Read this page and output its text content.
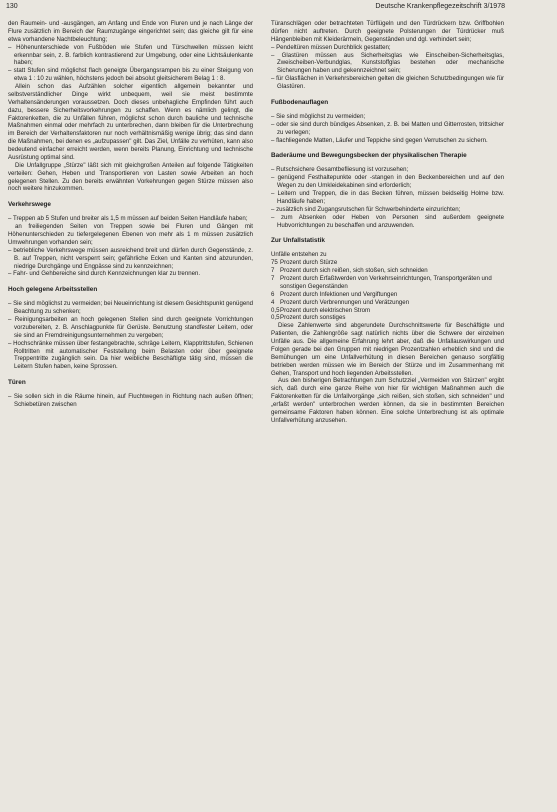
130	Deutsche Krankenpflegezeitschrift 3/1978

den Raumein- und -ausgängen, am Anfang und Ende von Fluren und je nach Länge der Flure zusätzlich im Bereich der Raumzugänge eingerichtet sein; das gleiche gilt für eine etwa vorhandene Nachtbeleuchtung;

– Höhenunterschiede von Fußböden wie Stufen und Türschwellen müssen leicht erkennbar sein, z. B. farblich kontrastierend zur Umgebung, oder eine Lichtsäulenkante haben;

– statt Stufen sind möglichst flach geneigte Übergangsrampen bis zu einer Steigung von etwa 1 : 10 zu wählen, höchstens jedoch bei absolut gleitsicherem Belag 1 : 8.

Allein schon das Aufzählen solcher eigentlich allgemein bekannter und selbstverständlicher Dinge wirkt unbequem, weil sie meist bestimmte Verhaltensänderungen voraussetzen. Doch dieses unbehagliche Empfinden führt auch dazu, bessere Sicherheitsvorkehrungen zu schaffen. Wenn es nämlich gelingt, die Faktorenketten, die zu Unfällen führen, möglichst schon durch bauliche und technische Maßnahmen einmal oder mehrfach zu unterbrechen, dann bleiben für die Unterbrechung im Bereich der Verhaltensfaktoren nur noch verhältnismäßig wenige übrig; das sind dann die Maßnahmen, bei denen es „aufzupassen" gilt. Das Ziel, Unfälle zu verhüten, kann also bedeutend einfacher erreicht werden, wenn bereits Planung, Einrichtung und technische Ausrüstung optimal sind.

Die Unfallgruppe „Stürze" läßt sich mit gleichgroßen Anteilen auf folgende Tätigkeiten verteilen: Gehen, Heben und Transportieren von Lasten sowie Arbeiten an hoch gelegenen Stellen. Zu den bereits erwähnten Vorkehrungen gegen Stürze müssen also noch weitere hinzukommen.

Verkehrswege

– Treppen ab 5 Stufen und breiter als 1,5 m müssen auf beiden Seiten Handläufe haben;

an freiliegenden Seiten von Treppen sowie bei Fluren und Gängen mit Höhenunterschieden zu tiefergelegenen Ebenen von mehr als 1 m müssen zusätzlich Umwehrungen vorhanden sein;

– betriebliche Verkehrswege müssen ausreichend breit und dürfen durch Gegenstände, z. B. auf Treppen, nicht versperrt sein; gefährliche Ecken und Kanten sind abzurunden, niedrige Durchgänge und Engpässe sind zu kennzeichnen;

– Fahr- und Gehbereiche sind durch Kennzeichnungen klar zu trennen.

Hoch gelegene Arbeitsstellen

– Sie sind möglichst zu vermeiden; bei Neueinrichtung ist diesem Gesichtspunkt genügend Beachtung zu schenken;

– Reinigungsarbeiten an hoch gelegenen Stellen sind durch geeignete Vorrichtungen vorzubereiten, z. B. Anschlagpunkte für Gerüste. Benutzung standfester Leitern, oder sie sind an Fremdreinigungsunternehmen zu vergeben;

– Hochschränke müssen über festangebrachte, schräge Leitern, Klapptrittstufen, Schienen Rolltritten mit automatischer Feststellung beim Belasten oder über geeignete Treppentritte zugänglich sein. Da hier weibliche Beschäftigte tätig sind, müssen die Leitern Stufen haben, keine Sprossen.

Türen

– Sie sollen sich in die Räume hinein, auf Fluchtwegen in Richtung nach außen öffnen; Schiebetüren zwischen

Türanschlägen oder betrachteten Türflügeln und den Türdrückern bzw. Griffbohlen dürfen nicht auftreten. Durch geeignete Polsterungen der Türdrücker muß Hängenbleiben mit Kleiderärmeln, Gegenständen und dgl. verhindert sein;

– Pendeltüren müssen Durchblick gestatten;

– Glastüren müssen aus Sicherheitsglas wie Einscheiben-Sicherheitsglas, Zweischeiben-Verbundglas, Kunststoffglas bestehen oder mechanische Sicherungen haben und gekennzeichnet sein;

– für Glasflächen in Verkehrsbereichen gelten die gleichen Schutzbedingungen wie für Glastüren.

Fußbodenauflagen

– Sie sind möglichst zu vermeiden;

– oder sie sind durch bündiges Absenken, z. B. bei Matten und Gitterrosten, trittsicher zu verlegen;

– flachliegende Matten, Läufer und Teppiche sind gegen Verrutschen zu sichern.

Baderäume und Bewegungsbecken der physikalischen Therapie

– Rutschsichere Gesamtbefliesung ist vorzusehen;

– genügend Festhaltepunkte oder -stangen in den Beckenbereichen und auf den Wegen zu den Umkleidekabinen sind erforderlich;

– Leitern und Treppen, die in das Becken führen, müssen beidseitig Holme bzw. Handläufe haben;

– zusätzlich sind Zugangsrutschen für Schwerbehinderte einzurichten;

– zum Absenken oder Heben von Personen sind außerdem geeignete Hubvorrichtungen zu beschaffen und anzuwenden.

Zur Unfallstatistik

Unfälle entstehen zu

75 Prozent durch Stürze
7 Prozent durch sich reißen, sich stoßen, sich schneiden
7 Prozent durch Erfaßtwerden von Verkehrseinrichtungen, Transportgeräten und sonstigen Gegenständen
6 Prozent durch Infektionen und Vergiftungen
4 Prozent durch Verbrennungen und Verätzungen
0,5 Prozent durch elektrischen Strom
0,5 Prozent durch sonstiges

Diese Zahlenwerte sind abgerundete Durchschnittswerte für Beschäftigte und Patienten, die Zahlengröße sagt natürlich nichts über die Schwere der einzelnen Unfälle aus. Die allgemeine Erfahrung lehrt aber, daß die Unfallauswirkungen und Folgen gerade bei den Gruppen mit niedrigen Prozentzahlen erheblich sind und die Bemühungen um eine Unfallverhütung in diesen Bereichen genauso sorgfältig betrieben werden müssen wie im Bereich der Stürze und im Zusammenhang mit Gehen, Transport und hoch liegenden Arbeitsstellen.

Aus den bisherigen Betrachtungen zum Schutzziel „Vermeiden von Stürzen" ergibt sich, daß durch eine ganze Reihe von hier für wichtigen Maßnahmen auch die Faktorenketten für die Unfallvorgänge „sich reißen, sich stoßen, sich schneiden" und „erfaßt werden" unterbrochen werden können, da sie in bestimmten Bereichen gemeinsame Faktoren haben können. Eine solche Unterbrechung ist als optimale Unfallverhütung anzusehen.
